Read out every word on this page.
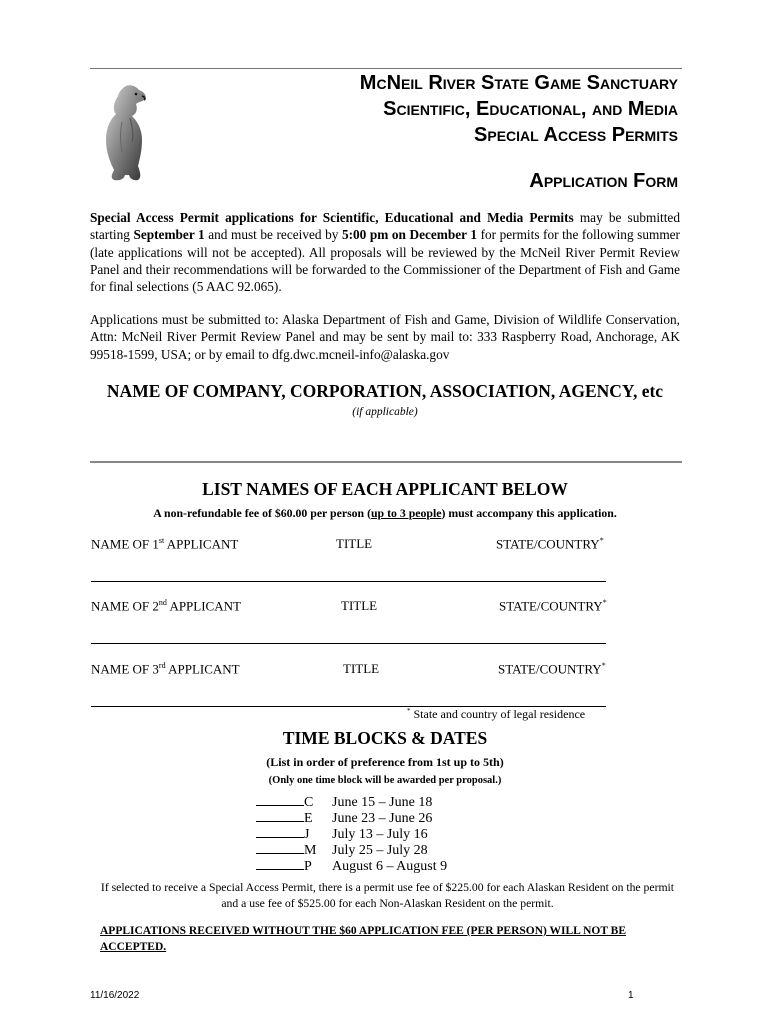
McNeil River State Game Sanctuary
Scientific, Educational, and Media
Special Access Permits
Application Form
Special Access Permit applications for Scientific, Educational and Media Permits may be submitted starting September 1 and must be received by 5:00 pm on December 1 for permits for the following summer (late applications will not be accepted). All proposals will be reviewed by the McNeil River Permit Review Panel and their recommendations will be forwarded to the Commissioner of the Department of Fish and Game for final selections (5 AAC 92.065).
Applications must be submitted to: Alaska Department of Fish and Game, Division of Wildlife Conservation, Attn: McNeil River Permit Review Panel and may be sent by mail to: 333 Raspberry Road, Anchorage, AK 99518-1599, USA; or by email to dfg.dwc.mcneil-info@alaska.gov
NAME OF COMPANY, CORPORATION, ASSOCIATION, AGENCY, etc
(if applicable)
LIST NAMES OF EACH APPLICANT BELOW
A non-refundable fee of $60.00 per person (up to 3 people) must accompany this application.
NAME OF 1st APPLICANT	TITLE	STATE/COUNTRY*
NAME OF 2nd APPLICANT	TITLE	STATE/COUNTRY*
NAME OF 3rd APPLICANT	TITLE	STATE/COUNTRY*
* State and country of legal residence
TIME BLOCKS & DATES
(List in order of preference from 1st up to 5th)
(Only one time block will be awarded per proposal.)
C June 15 – June 18
E June 23 – June 26
J July 13 – July 16
M July 25 – July 28
P August 6 – August 9
If selected to receive a Special Access Permit, there is a permit use fee of $225.00 for each Alaskan Resident on the permit and a use fee of $525.00 for each Non-Alaskan Resident on the permit.
APPLICATIONS RECEIVED WITHOUT THE $60 APPLICATION FEE (PER PERSON) WILL NOT BE ACCEPTED.
11/16/2022	1
